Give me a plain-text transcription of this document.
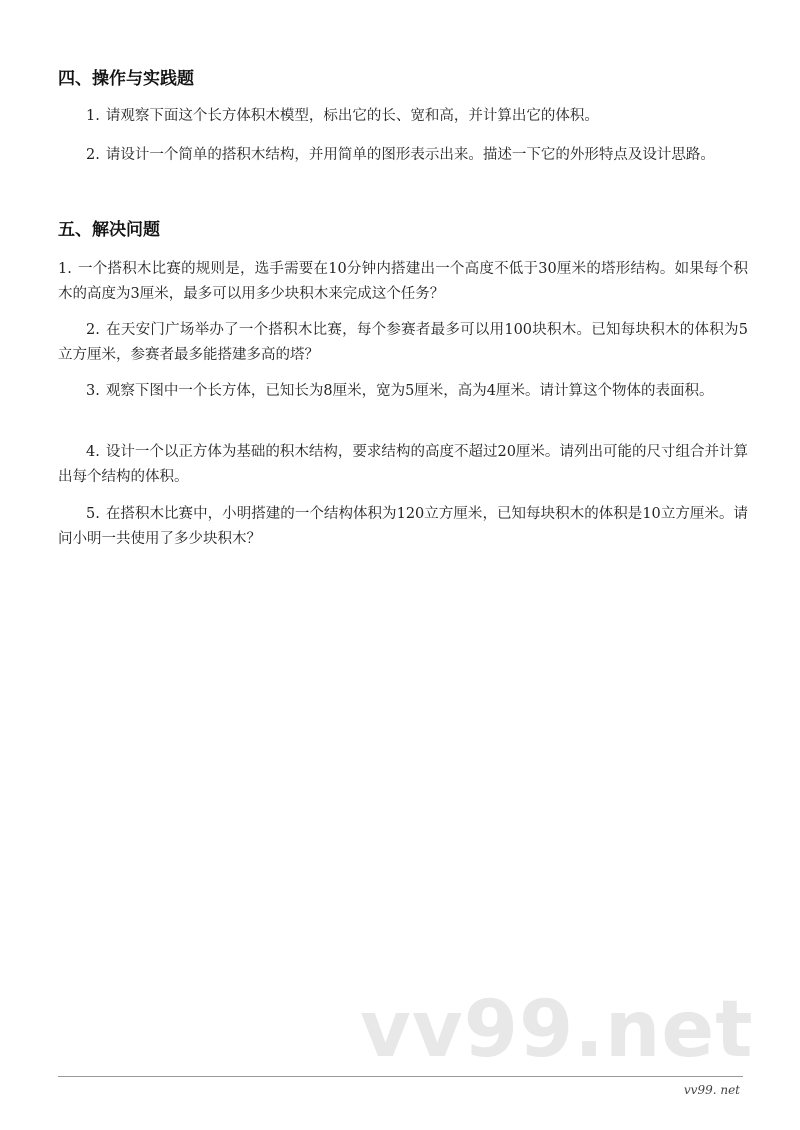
四、操作与实践题

1. 请观察下面这个长方体积木模型，标出它的长、宽和高，并计算出它的体积。

2. 请设计一个简单的搭积木结构，并用简单的图形表示出来。描述一下它的外形特点及设计思路。

五、解决问题

1. 一个搭积木比赛的规则是，选手需要在10分钟内搭建出一个高度不低于30厘米的塔形结构。如果每个积木的高度为3厘米，最多可以用多少块积木来完成这个任务？

2. 在天安门广场举办了一个搭积木比赛，每个参赛者最多可以用100块积木。已知每块积木的体积为5立方厘米，参赛者最多能搭建多高的塔？

3. 观察下图中一个长方体，已知长为8厘米，宽为5厘米，高为4厘米。请计算这个物体的表面积。

4. 设计一个以正方体为基础的积木结构，要求结构的高度不超过20厘米。请列出可能的尺寸组合并计算出每个结构的体积。

5. 在搭积木比赛中，小明搭建的一个结构体积为120立方厘米，已知每块积木的体积是10立方厘米。请问小明一共使用了多少块积木？

vv99.net
vv99. net
